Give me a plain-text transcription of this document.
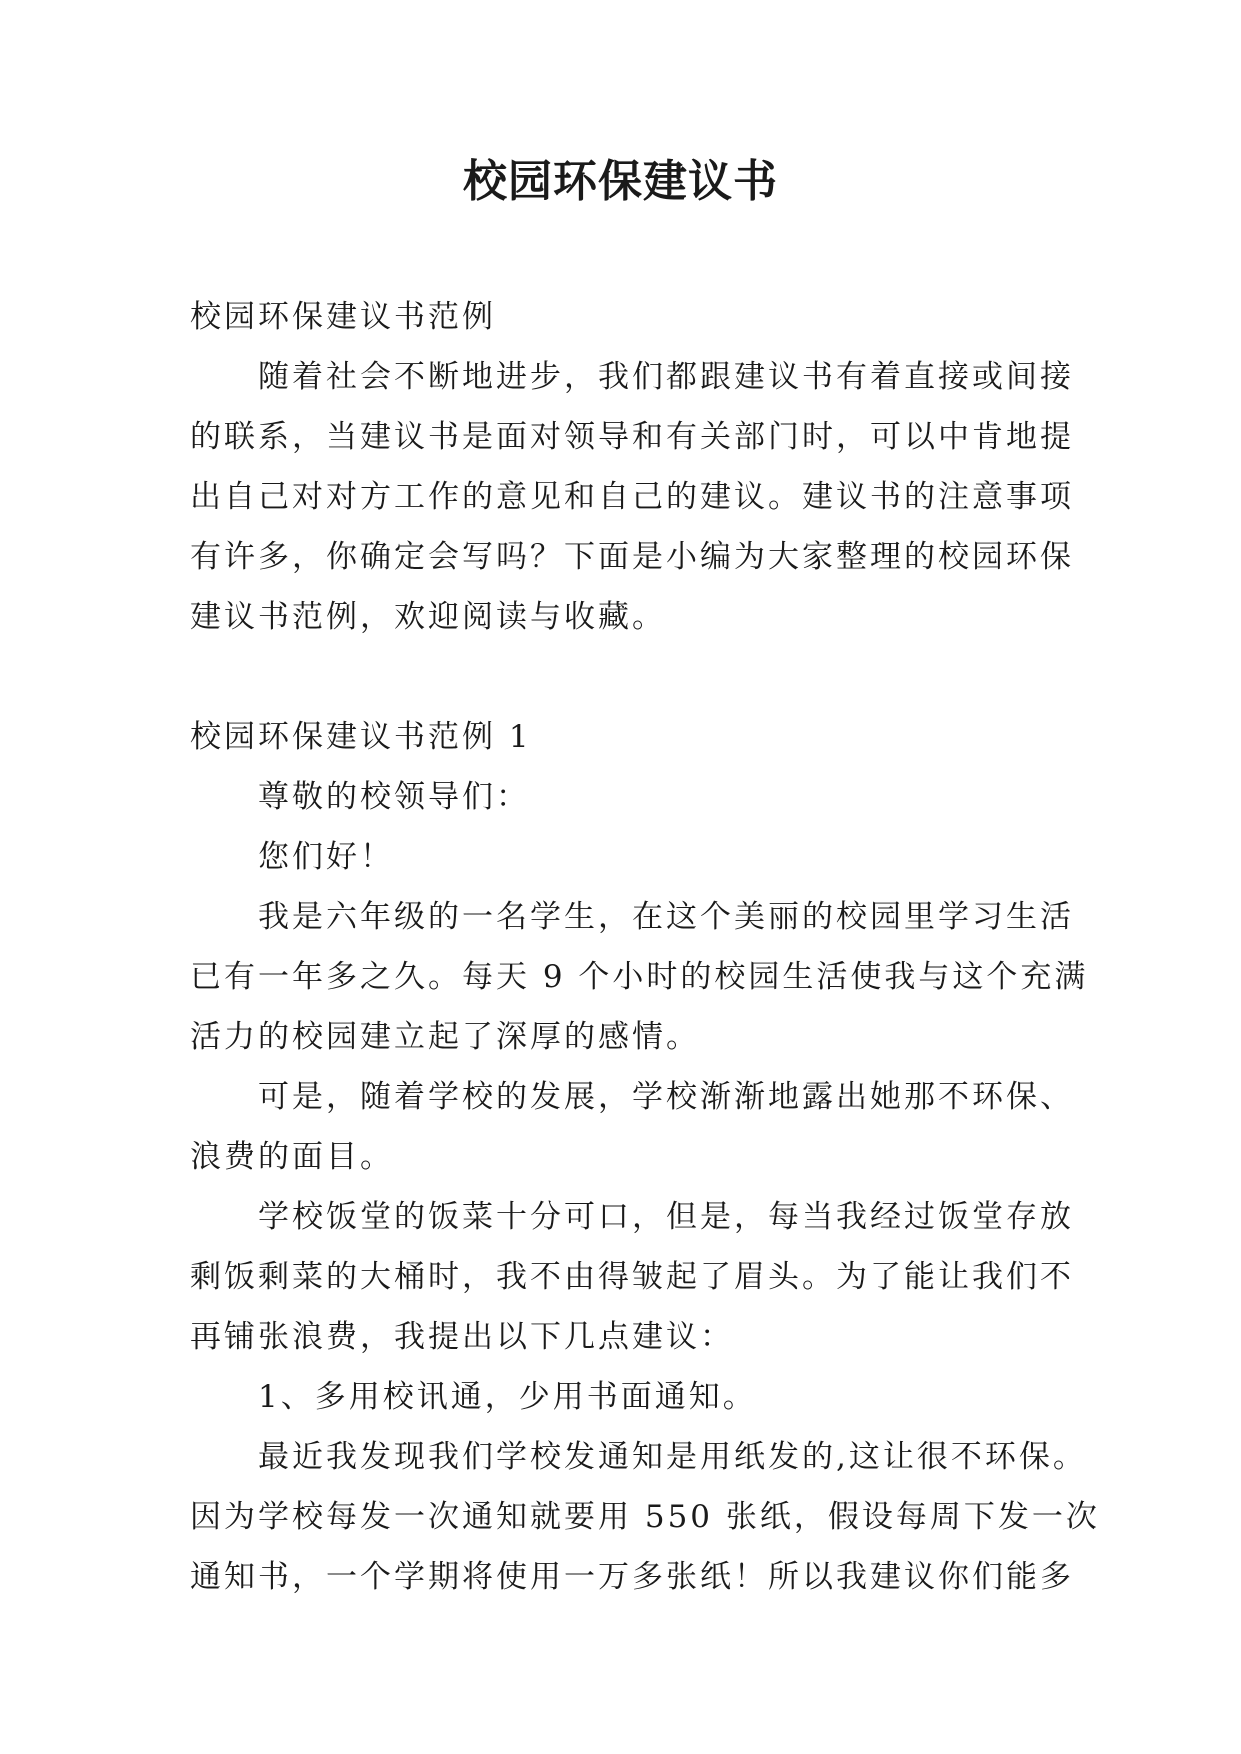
校园环保建议书

校园环保建议书范例

随着社会不断地进步，我们都跟建议书有着直接或间接

的联系，当建议书是面对领导和有关部门时，可以中肯地提

出自己对对方工作的意见和自己的建议。建议书的注意事项

有许多，你确定会写吗？下面是小编为大家整理的校园环保

建议书范例，欢迎阅读与收藏。

校园环保建议书范例 1

尊敬的校领导们：

您们好！

我是六年级的一名学生，在这个美丽的校园里学习生活

已有一年多之久。每天 9 个小时的校园生活使我与这个充满

活力的校园建立起了深厚的感情。

可是，随着学校的发展，学校渐渐地露出她那不环保、

浪费的面目。

学校饭堂的饭菜十分可口，但是，每当我经过饭堂存放

剩饭剩菜的大桶时，我不由得皱起了眉头。为了能让我们不

再铺张浪费，我提出以下几点建议：

1、多用校讯通，少用书面通知。

最近我发现我们学校发通知是用纸发的,这让很不环保。

因为学校每发一次通知就要用 550 张纸，假设每周下发一次

通知书，一个学期将使用一万多张纸！所以我建议你们能多
